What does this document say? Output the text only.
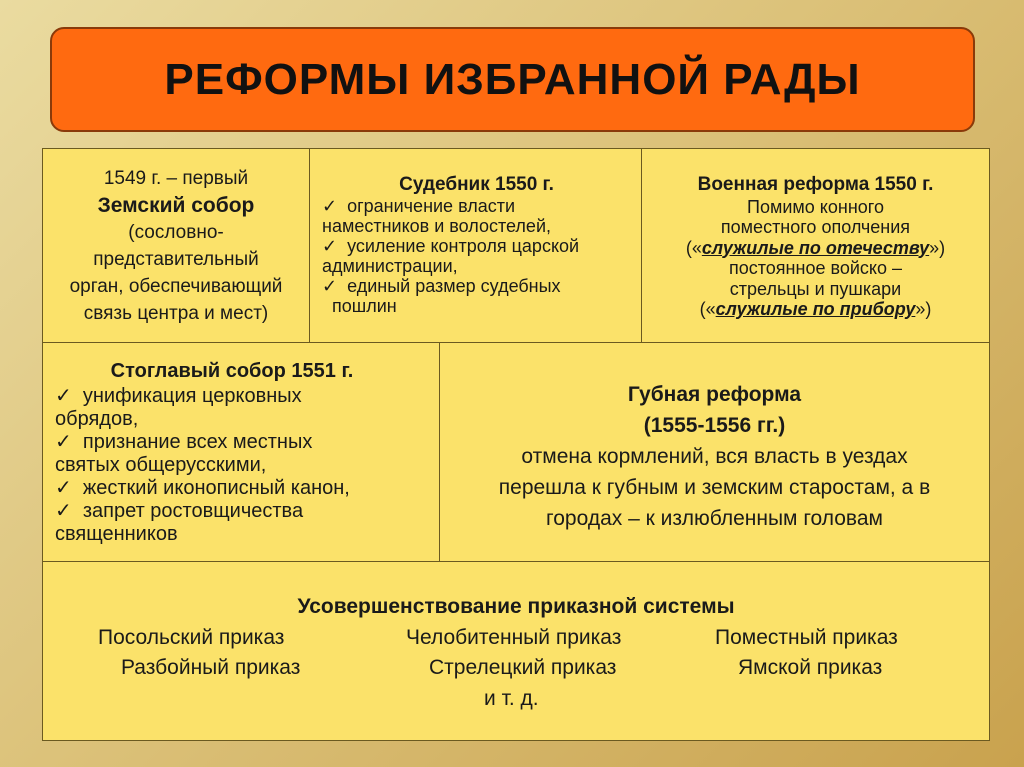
РЕФОРМЫ ИЗБРАННОЙ РАДЫ
1549 г. – первый
Земский собор
(сословно-
представительный
орган, обеспечивающий
связь центра и мест)
Судебник 1550 г.
✓  ограничение власти
наместников и волостелей,
✓  усиление контроля царской
администрации,
✓  единый размер судебных
пошлин
Военная реформа 1550 г.
Помимо конного
поместного ополчения
(«служилые по отечеству»)
постоянное войско –
стрельцы и пушкари
(«служилые по прибору»)
Стоглавый собор 1551 г.
✓  унификация церковных
обрядов,
✓  признание всех местных
святых общерусскими,
✓  жесткий иконописный канон,
✓  запрет ростовщичества
священников
Губная реформа
(1555-1556 гг.)
отмена кормлений, вся власть в уездах
перешла к губным и земским старостам, а в
городах – к излюбленным головам
Усовершенствование приказной системы
Посольский приказ	Челобитенный приказ	Поместный приказ
Разбойный приказ	Стрелецкий приказ	Ямской приказ
и т. д.
